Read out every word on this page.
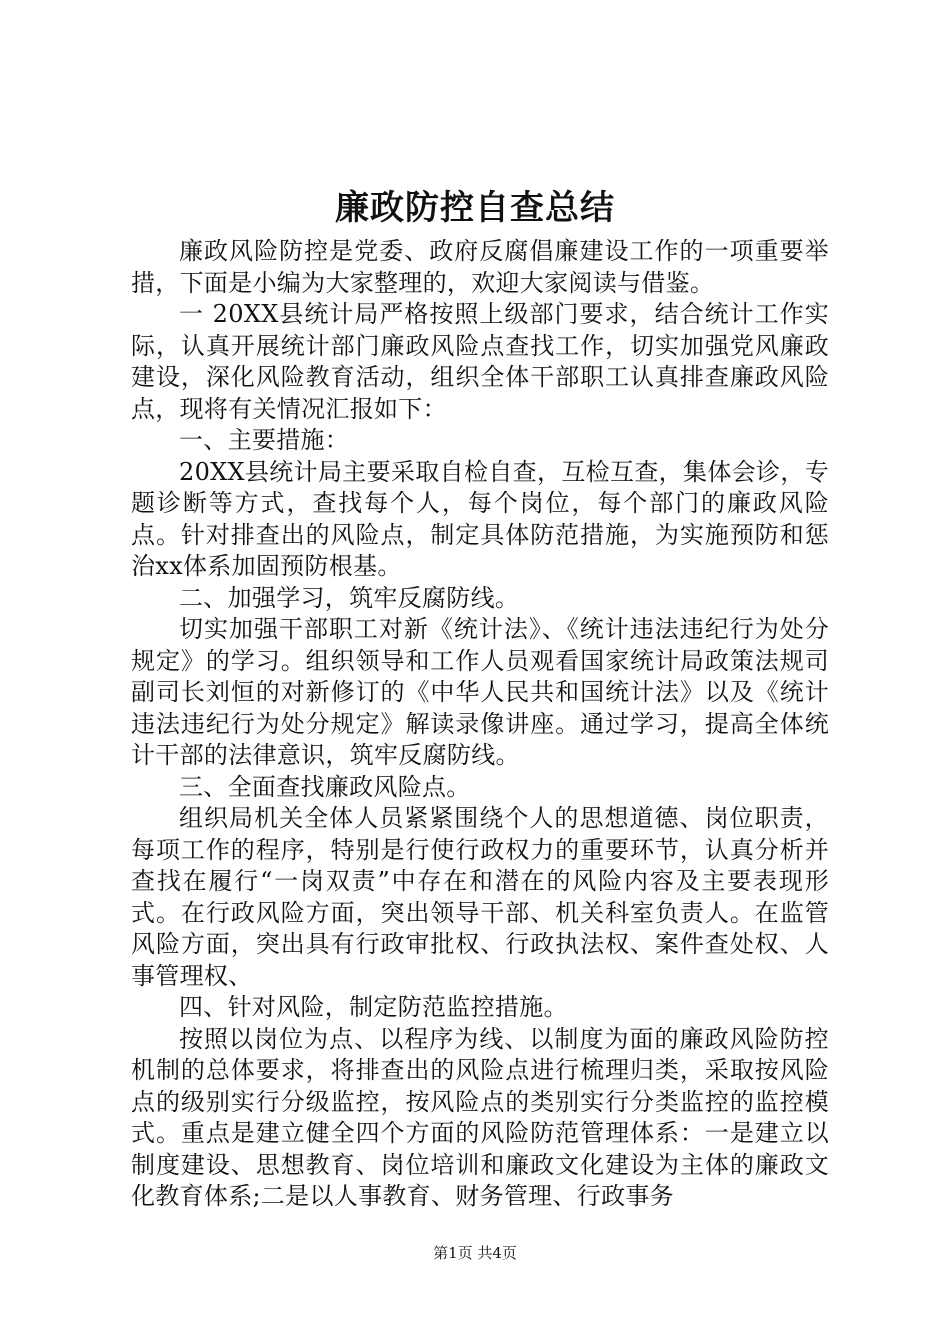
廉政防控自查总结

廉政风险防控是党委、政府反腐倡廉建设工作的一项重要举措，下面是小编为大家整理的，欢迎大家阅读与借鉴。

一 20XX县统计局严格按照上级部门要求，结合统计工作实际，认真开展统计部门廉政风险点查找工作，切实加强党风廉政建设，深化风险教育活动，组织全体干部职工认真排查廉政风险点，现将有关情况汇报如下：

一、主要措施：

20XX县统计局主要采取自检自查，互检互查，集体会诊，专题诊断等方式，查找每个人，每个岗位，每个部门的廉政风险点。针对排查出的风险点，制定具体防范措施，为实施预防和惩治xx体系加固预防根基。

二、加强学习，筑牢反腐防线。

切实加强干部职工对新《统计法》、《统计违法违纪行为处分规定》的学习。组织领导和工作人员观看国家统计局政策法规司副司长刘恒的对新修订的《中华人民共和国统计法》以及《统计违法违纪行为处分规定》解读录像讲座。通过学习，提高全体统计干部的法律意识，筑牢反腐防线。

三、全面查找廉政风险点。

组织局机关全体人员紧紧围绕个人的思想道德、岗位职责，每项工作的程序，特别是行使行政权力的重要环节，认真分析并查找在履行“一岗双责”中存在和潜在的风险内容及主要表现形式。在行政风险方面，突出领导干部、机关科室负责人。在监管风险方面，突出具有行政审批权、行政执法权、案件查处权、人事管理权、

四、针对风险，制定防范监控措施。

按照以岗位为点、以程序为线、以制度为面的廉政风险防控机制的总体要求，将排查出的风险点进行梳理归类，采取按风险点的级别实行分级监控，按风险点的类别实行分类监控的监控模式。重点是建立健全四个方面的风险防范管理体系：一是建立以制度建设、思想教育、岗位培训和廉政文化建设为主体的廉政文化教育体系;二是以人事教育、财务管理、行政事务

第1页 共4页
